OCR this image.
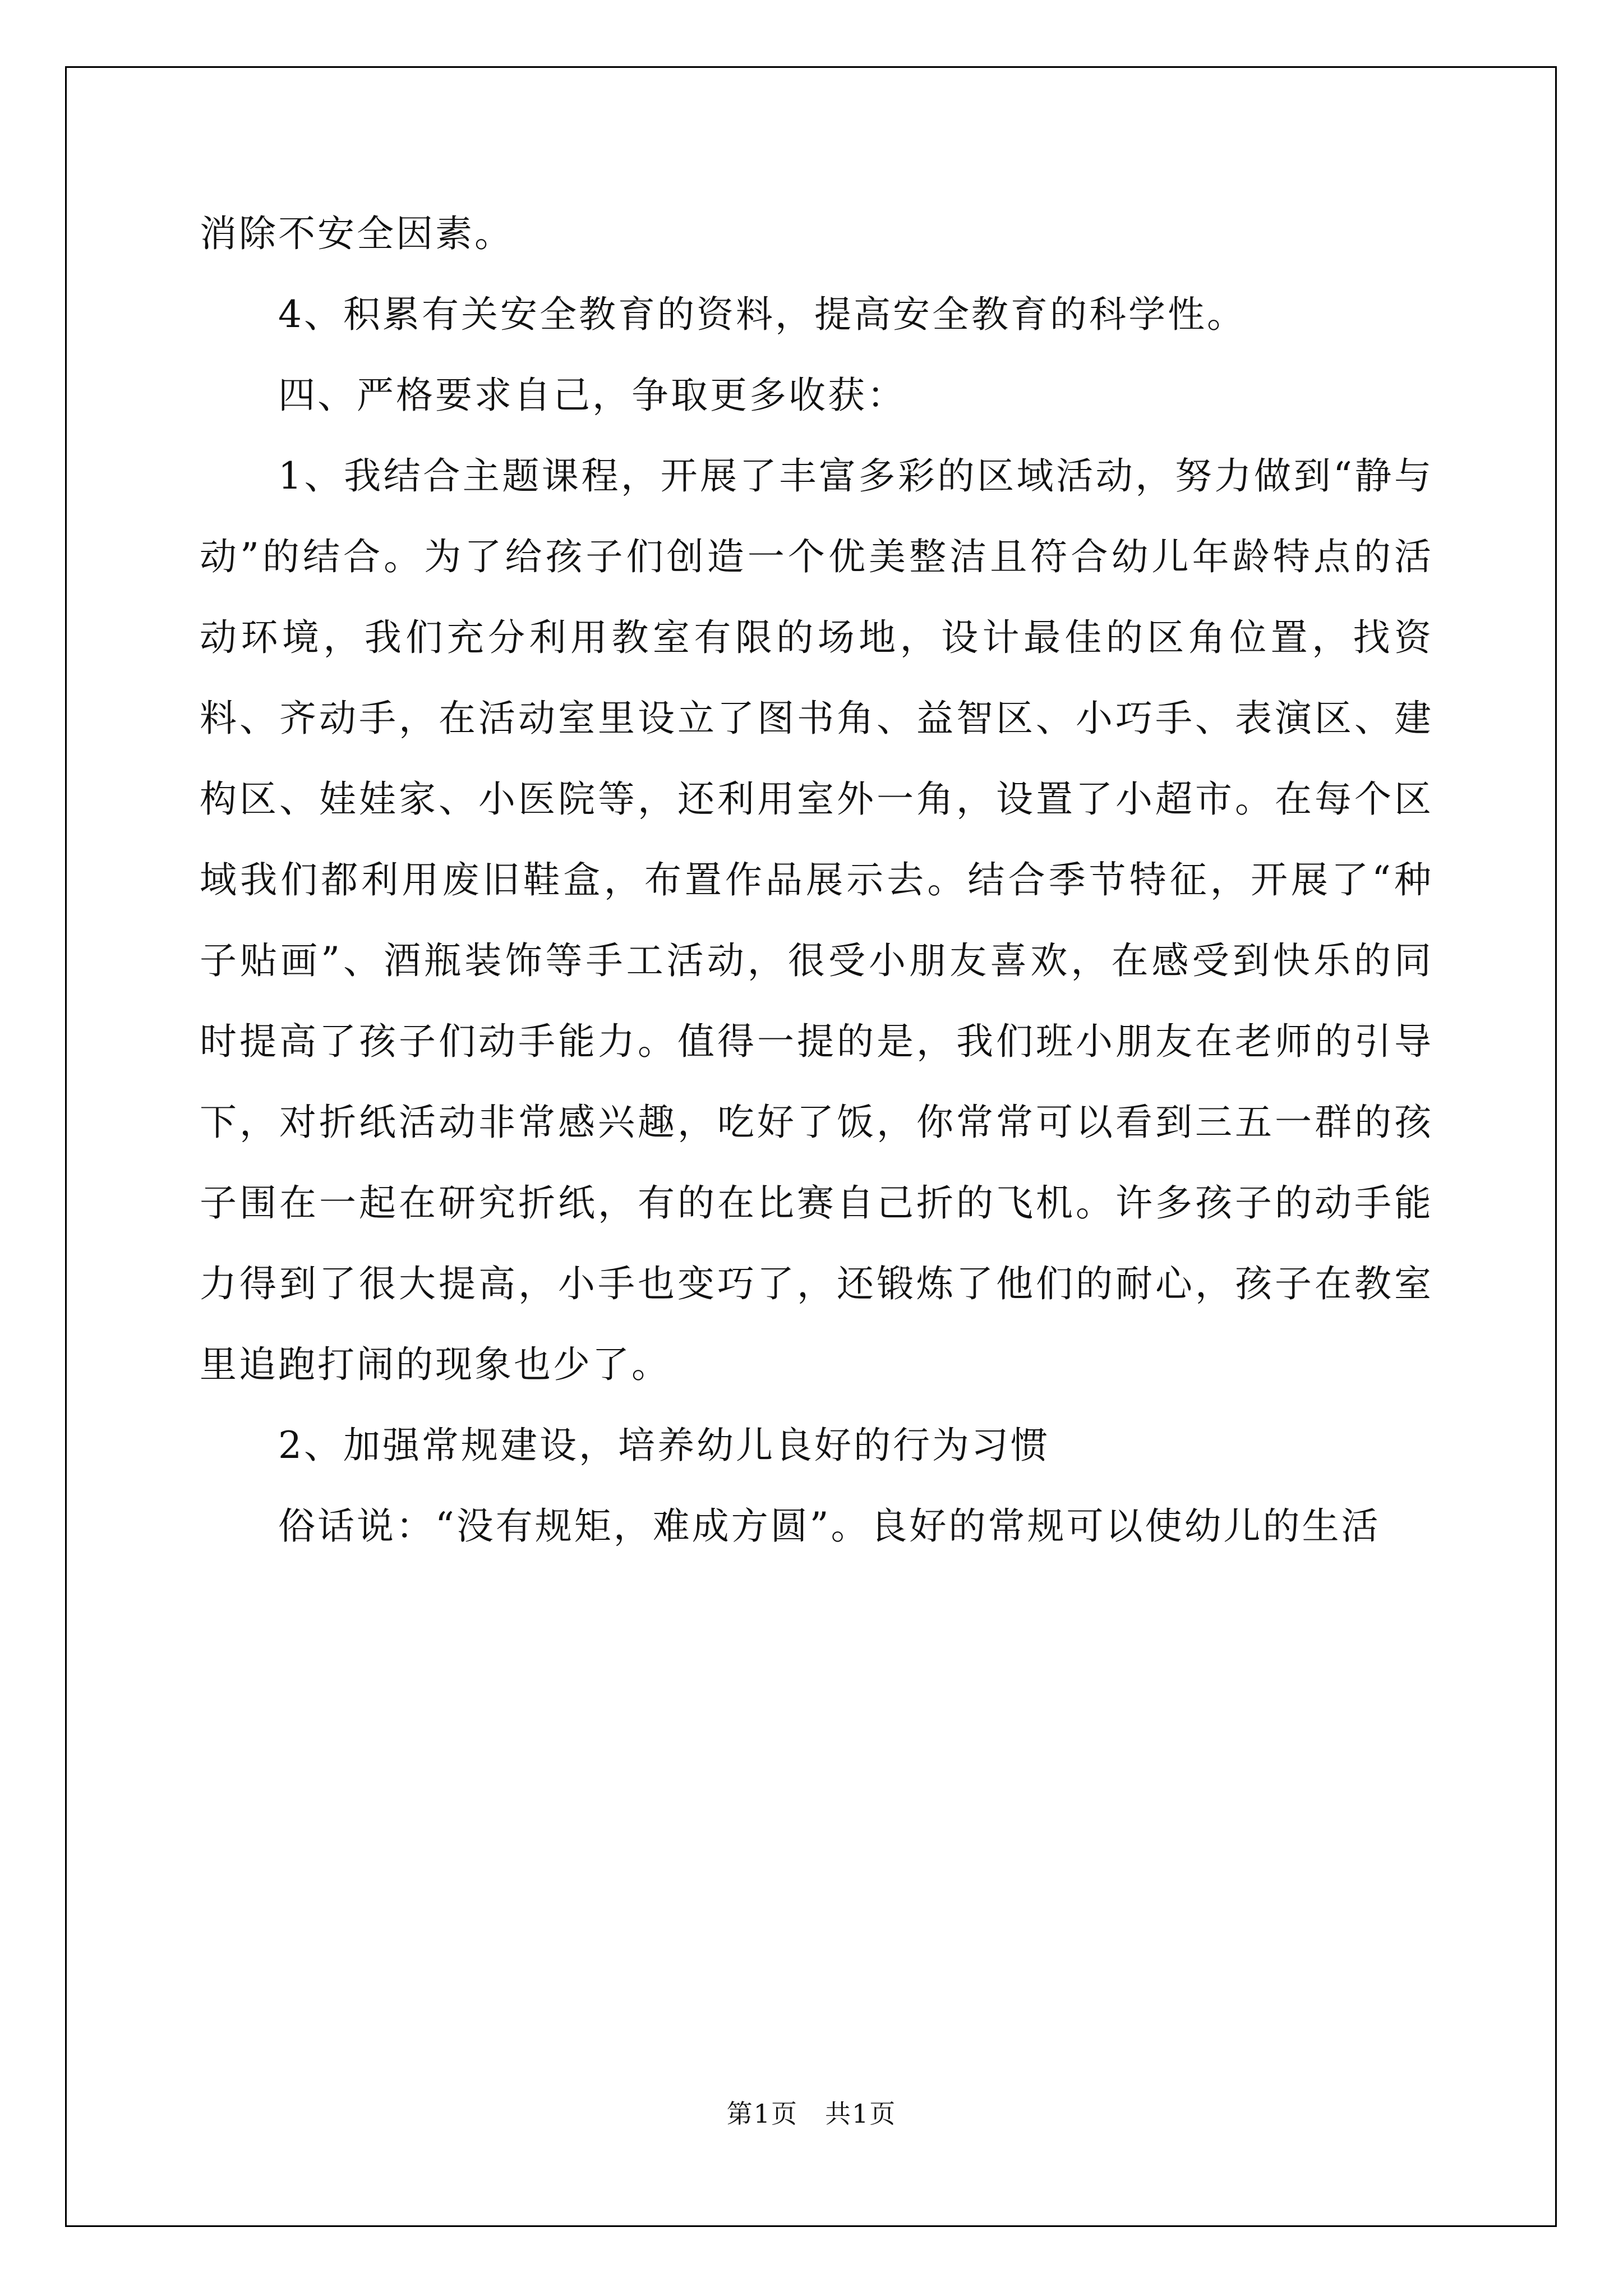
消除不安全因素。

4、积累有关安全教育的资料，提高安全教育的科学性。

四、严格要求自己，争取更多收获：

1、我结合主题课程，开展了丰富多彩的区域活动，努力做到“静与动”的结合。为了给孩子们创造一个优美整洁且符合幼儿年龄特点的活动环境，我们充分利用教室有限的场地，设计最佳的区角位置，找资料、齐动手，在活动室里设立了图书角、益智区、小巧手、表演区、建构区、娃娃家、小医院等，还利用室外一角，设置了小超市。在每个区域我们都利用废旧鞋盒，布置作品展示去。结合季节特征，开展了“种子贴画”、酒瓶装饰等手工活动，很受小朋友喜欢，在感受到快乐的同时提高了孩子们动手能力。值得一提的是，我们班小朋友在老师的引导下，对折纸活动非常感兴趣，吃好了饭，你常常可以看到三五一群的孩子围在一起在研究折纸，有的在比赛自己折的飞机。许多孩子的动手能力得到了很大提高，小手也变巧了，还锻炼了他们的耐心，孩子在教室里追跑打闹的现象也少了。

2、加强常规建设，培养幼儿良好的行为习惯

俗话说：“没有规矩，难成方圆”。良好的常规可以使幼儿的生活

第1页 共1页
